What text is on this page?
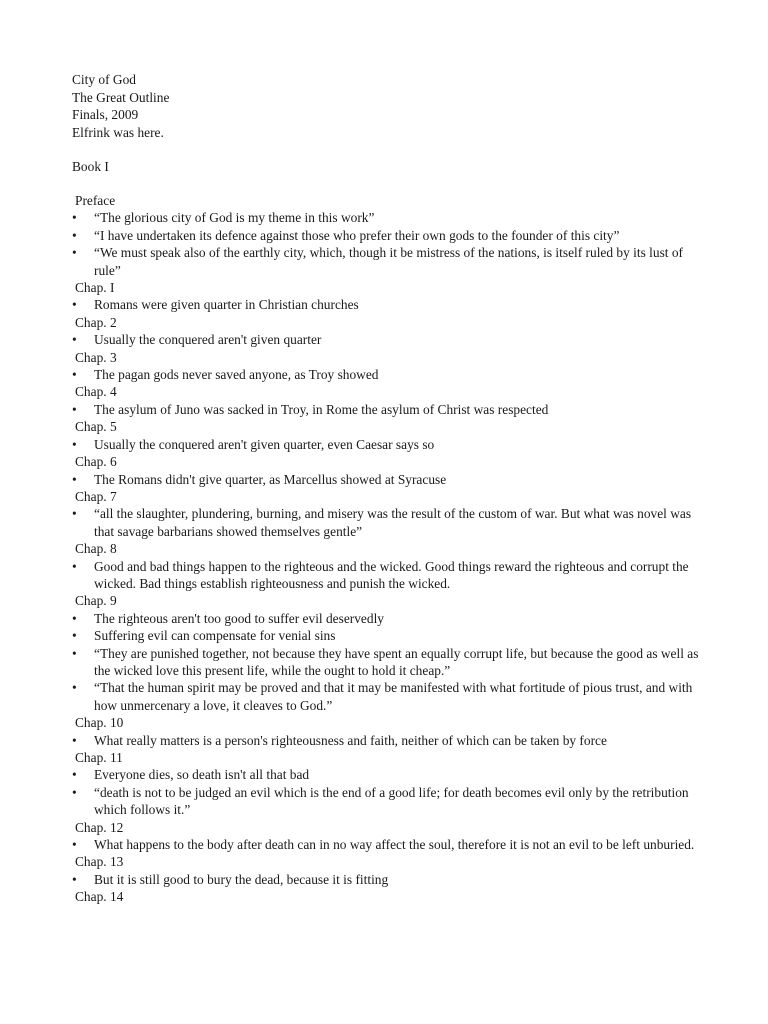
City of God
The Great Outline
Finals, 2009
Elfrink was here.
Book I
Preface
•	“The glorious city of God is my theme in this work”
•	“I have undertaken its defence against those who prefer their own gods to the founder of this city”
•	“We must speak also of the earthly city, which, though it be mistress of the nations, is itself ruled by its lust of rule”
Chap. I
•	Romans were given quarter in Christian churches
Chap. 2
•	Usually the conquered aren't given quarter
Chap. 3
•	The pagan gods never saved anyone, as Troy showed
Chap. 4
•	The asylum of Juno was sacked in Troy, in Rome the asylum of Christ was respected
Chap. 5
•	Usually the conquered aren't given quarter, even Caesar says so
Chap. 6
•	The Romans didn't give quarter, as Marcellus showed at Syracuse
Chap. 7
•	“all the slaughter, plundering, burning, and misery was the result of the custom of war. But what was novel was that savage barbarians showed themselves gentle”
Chap. 8
•	Good and bad things happen to the righteous and the wicked. Good things reward the righteous and corrupt the wicked. Bad things establish righteousness and punish the wicked.
Chap. 9
•	The righteous aren't too good to suffer evil deservedly
•	Suffering evil can compensate for venial sins
•	“They are punished together, not because they have spent an equally corrupt life, but because the good as well as the wicked love this present life, while the ought to hold it cheap.”
•	“That the human spirit may be proved and that it may be manifested with what fortitude of pious trust, and with how unmercenary a love, it cleaves to God.”
Chap. 10
•	What really matters is a person's righteousness and faith, neither of which can be taken by force
Chap. 11
•	Everyone dies, so death isn't all that bad
•	“death is not to be judged an evil which is the end of a good life; for death becomes evil only by the retribution which follows it.”
Chap. 12
•	What happens to the body after death can in no way affect the soul, therefore it is not an evil to be left unburied.
Chap. 13
•	But it is still good to bury the dead, because it is fitting
Chap. 14
